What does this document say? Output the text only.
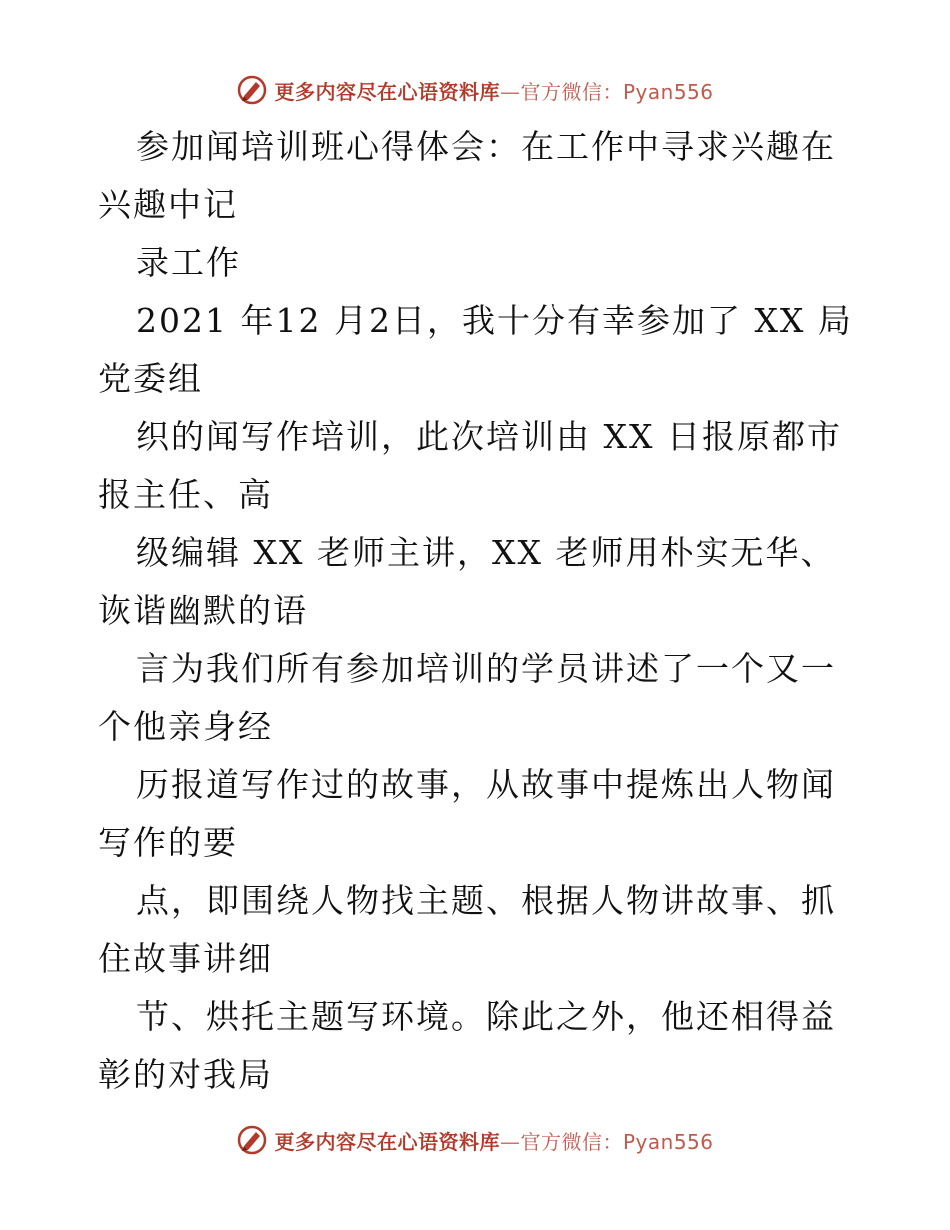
更多内容尽在心语资料库—官方微信：Pyan556

参加闻培训班心得体会：在工作中寻求兴趣在兴趣中记

录工作

2021 年12 月2日，我十分有幸参加了 XX 局党委组

织的闻写作培训，此次培训由 XX 日报原都市报主任、高

级编辑 XX 老师主讲，XX 老师用朴实无华、诙谐幽默的语

言为我们所有参加培训的学员讲述了一个又一个他亲身经

历报道写作过的故事，从故事中提炼出人物闻写作的要

点，即围绕人物找主题、根据人物讲故事、抓住故事讲细

节、烘托主题写环境。除此之外，他还相得益彰的对我局

更多内容尽在心语资料库—官方微信：Pyan556
